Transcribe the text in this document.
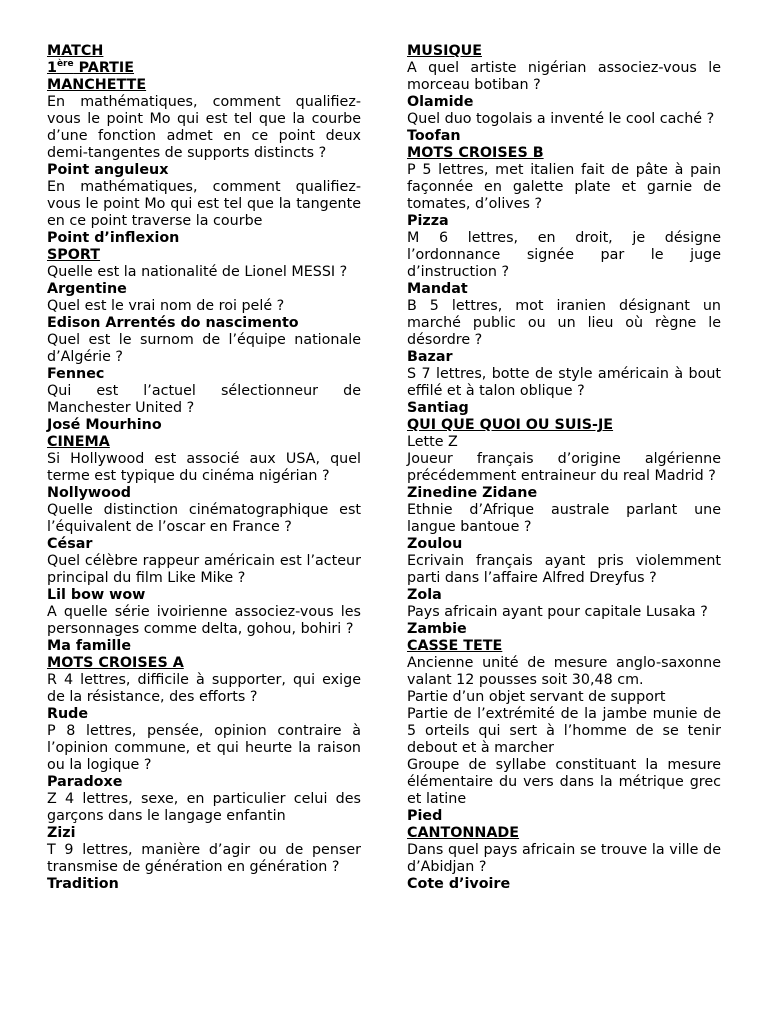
MATCH

1ère PARTIE

MANCHETTE

En mathématiques, comment qualifiez-vous le point Mo qui est tel que la courbe d’une fonction admet en ce point deux demi-tangentes de supports distincts ?

Point anguleux

En mathématiques, comment qualifiez-vous le point Mo qui est tel que la tangente en ce point traverse la courbe

Point d’inflexion

SPORT

Quelle est la nationalité de Lionel MESSI ?

Argentine

Quel est le vrai nom de roi pelé ?

Edison Arrentés do nascimento

Quel est le surnom de l’équipe nationale d’Algérie ?

Fennec

Qui est l’actuel sélectionneur de Manchester United ?

José Mourhino

CINEMA

Si Hollywood est associé aux USA, quel terme est typique du cinéma nigérian ?

Nollywood

Quelle distinction cinématographique est l’équivalent de l’oscar en France ?

César

Quel célèbre rappeur américain est l’acteur principal du film Like Mike ?

Lil bow wow

A quelle série ivoirienne associez-vous les personnages comme delta, gohou, bohiri ?

Ma famille

MOTS CROISES A

R 4 lettres, difficile à supporter, qui exige de la résistance, des efforts ?

Rude

P 8 lettres, pensée, opinion contraire à l’opinion commune, et qui heurte la raison ou la logique ?

Paradoxe

Z 4 lettres, sexe, en particulier celui des garçons dans le langage enfantin

Zizi

T 9 lettres, manière d’agir ou de penser transmise de génération en génération ?

Tradition

MUSIQUE

A quel artiste nigérian associez-vous le morceau botiban ?

Olamide

Quel duo togolais a inventé le cool caché ?

Toofan

MOTS CROISES B

P 5 lettres, met italien fait de pâte à pain façonnée en galette plate et garnie de tomates, d’olives ?

Pizza

M 6 lettres, en droit, je désigne l’ordonnance signée par le juge d’instruction ?

Mandat

B 5 lettres, mot iranien désignant un marché public ou un lieu où règne le désordre ?

Bazar

S 7 lettres, botte de style américain à bout effilé et à talon oblique ?

Santiag

QUI QUE QUOI OU SUIS-JE

Lette Z

Joueur français d’origine algérienne précédemment entraineur du real Madrid ?

Zinedine Zidane

Ethnie d’Afrique australe parlant une langue bantoue ?

Zoulou

Ecrivain français ayant pris violemment parti dans l’affaire Alfred Dreyfus ?

Zola

Pays africain ayant pour capitale Lusaka ?

Zambie

CASSE TETE

Ancienne unité de mesure anglo-saxonne valant 12 pousses soit 30,48 cm.

Partie d’un objet servant de support

Partie de l’extrémité de la jambe munie de 5 orteils qui sert à l’homme de se tenir debout et à marcher

Groupe de syllabe constituant la mesure élémentaire du vers dans la métrique grec et latine

Pied

CANTONNADE

Dans quel pays africain se trouve la ville de d’Abidjan ?

Cote d’ivoire
